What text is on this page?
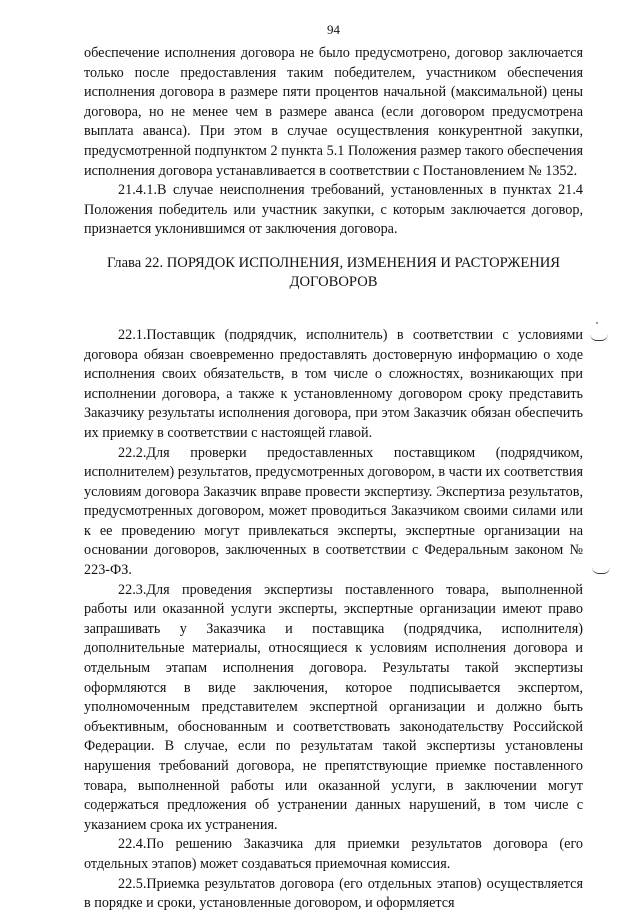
94

обеспечение исполнения договора не было предусмотрено, договор заключается только после предоставления таким победителем, участником обеспечения исполнения договора в размере пяти процентов начальной (максимальной) цены договора, но не менее чем в размере аванса (если договором предусмотрена выплата аванса). При этом в случае осуществления конкурентной закупки, предусмотренной подпунктом 2 пункта 5.1 Положения размер такого обеспечения исполнения договора устанавливается в соответствии с Постановлением № 1352.

21.4.1.В случае неисполнения требований, установленных в пунктах 21.4 Положения победитель или участник закупки, с которым заключается договор, признается уклонившимся от заключения договора.

Глава 22. ПОРЯДОК ИСПОЛНЕНИЯ, ИЗМЕНЕНИЯ И РАСТОРЖЕНИЯ
ДОГОВОРОВ

22.1.Поставщик (подрядчик, исполнитель) в соответствии с условиями договора обязан своевременно предоставлять достоверную информацию о ходе исполнения своих обязательств, в том числе о сложностях, возникающих при исполнении договора, а также к установленному договором сроку представить Заказчику результаты исполнения договора, при этом Заказчик обязан обеспечить их приемку в соответствии с настоящей главой.

22.2.Для проверки предоставленных поставщиком (подрядчиком, исполнителем) результатов, предусмотренных договором, в части их соответствия условиям договора Заказчик вправе провести экспертизу. Экспертиза результатов, предусмотренных договором, может проводиться Заказчиком своими силами или к ее проведению могут привлекаться эксперты, экспертные организации на основании договоров, заключенных в соответствии с Федеральным законом № 223-ФЗ.

22.3.Для проведения экспертизы поставленного товара, выполненной работы или оказанной услуги эксперты, экспертные организации имеют право запрашивать у Заказчика и поставщика (подрядчика, исполнителя) дополнительные материалы, относящиеся к условиям исполнения договора и отдельным этапам исполнения договора. Результаты такой экспертизы оформляются в виде заключения, которое подписывается экспертом, уполномоченным представителем экспертной организации и должно быть объективным, обоснованным и соответствовать законодательству Российской Федерации. В случае, если по результатам такой экспертизы установлены нарушения требований договора, не препятствующие приемке поставленного товара, выполненной работы или оказанной услуги, в заключении могут содержаться предложения об устранении данных нарушений, в том числе с указанием срока их устранения.

22.4.По решению Заказчика для приемки результатов договора (его отдельных этапов) может создаваться приемочная комиссия.

22.5.Приемка результатов договора (его отдельных этапов) осуществляется в порядке и сроки, установленные договором, и оформляется
